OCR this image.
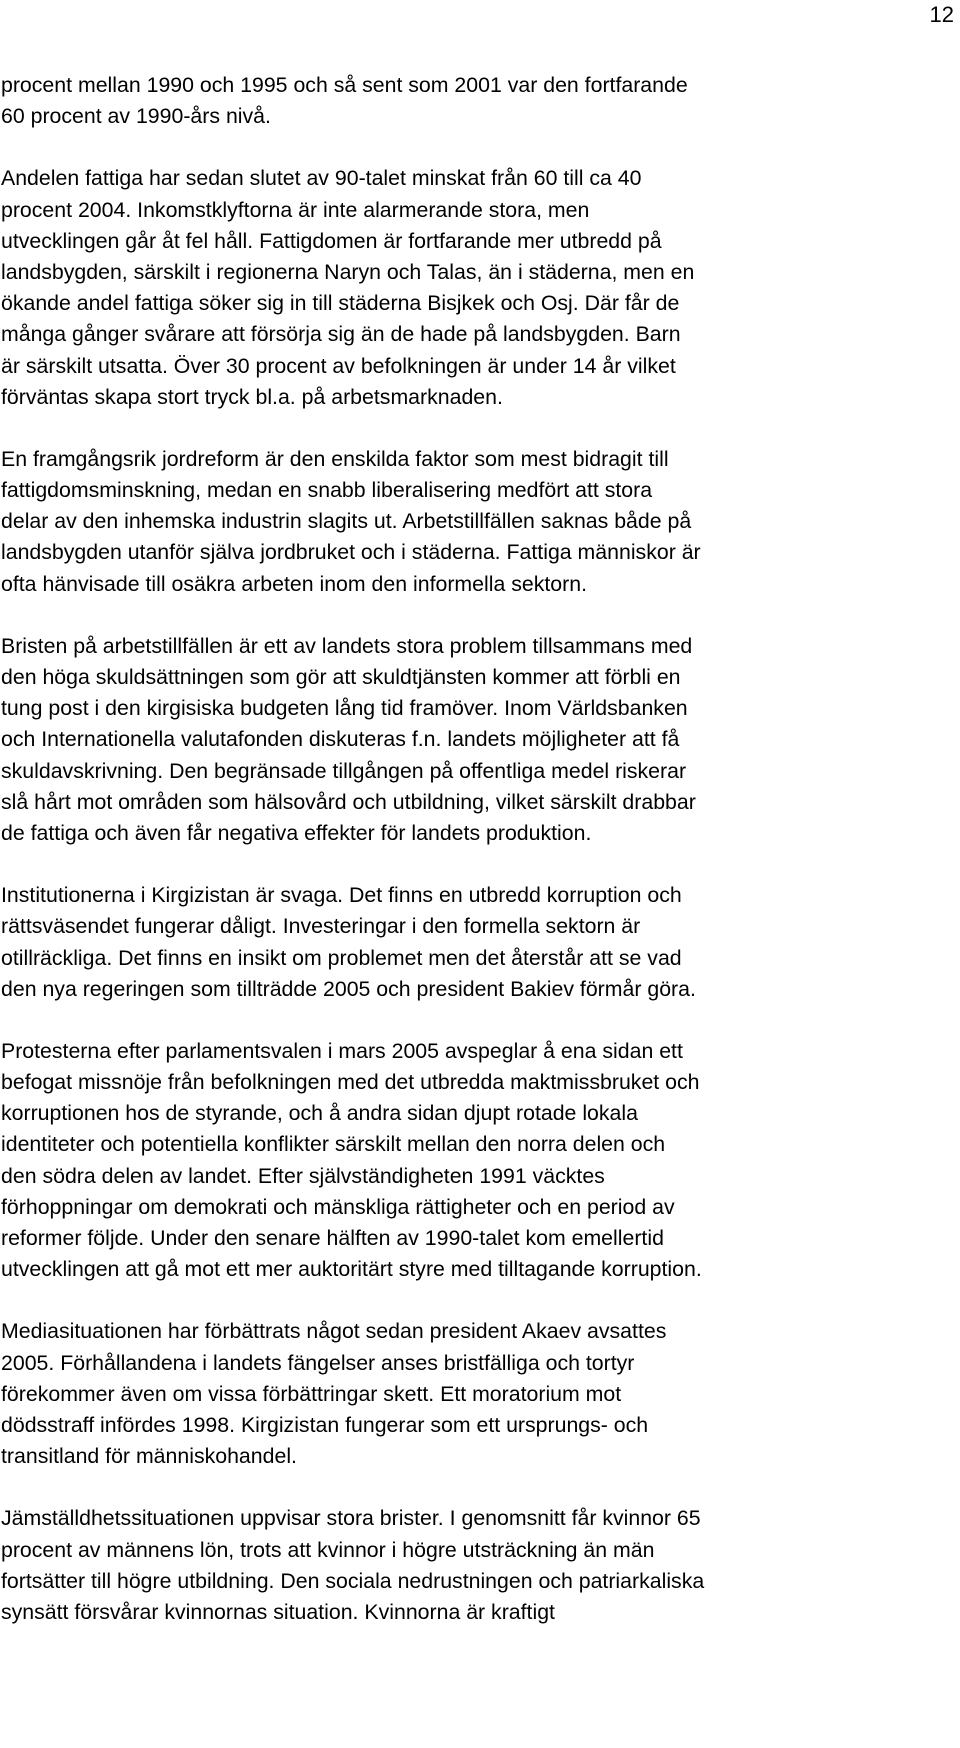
12

procent mellan 1990 och 1995 och så sent som 2001 var den fortfarande
60 procent av 1990-års nivå.

Andelen fattiga har sedan slutet av 90-talet minskat från 60 till ca 40
procent 2004. Inkomstklyftorna är inte alarmerande stora, men
utvecklingen går åt fel håll. Fattigdomen är fortfarande mer utbredd på
landsbygden, särskilt i regionerna Naryn och Talas, än i städerna, men en
ökande andel fattiga söker sig in till städerna Bisjkek och Osj. Där får de
många gånger svårare att försörja sig än de hade på landsbygden. Barn
är särskilt utsatta. Över 30 procent av befolkningen är under 14 år vilket
förväntas skapa stort tryck bl.a. på arbetsmarknaden.

En framgångsrik jordreform är den enskilda faktor som mest bidragit till
fattigdomsminskning, medan en snabb liberalisering medfört att stora
delar av den inhemska industrin slagits ut. Arbetstillfällen saknas både på
landsbygden utanför själva jordbruket och i städerna. Fattiga människor är
ofta hänvisade till osäkra arbeten inom den informella sektorn.

Bristen på arbetstillfällen är ett av landets stora problem tillsammans med
den höga skuldsättningen som gör att skuldtjänsten kommer att förbli en
tung post i den kirgisiska budgeten lång tid framöver. Inom Världsbanken
och Internationella valutafonden diskuteras f.n. landets möjligheter att få
skuldavskrivning. Den begränsade tillgången på offentliga medel riskerar
slå hårt mot områden som hälsovård och utbildning, vilket särskilt drabbar
de fattiga och även får negativa effekter för landets produktion.

Institutionerna i Kirgizistan är svaga. Det finns en utbredd korruption och
rättsväsendet fungerar dåligt. Investeringar i den formella sektorn är
otillräckliga. Det finns en insikt om problemet men det återstår att se vad
den nya regeringen som tillträdde 2005 och president Bakiev förmår göra.

Protesterna efter parlamentsvalen i mars 2005 avspeglar å ena sidan ett
befogat missnöje från befolkningen med det utbredda maktmissbruket och
korruptionen hos de styrande, och å andra sidan djupt rotade lokala
identiteter och potentiella konflikter särskilt mellan den norra delen och
den södra delen av landet. Efter självständigheten 1991 väcktes
förhoppningar om demokrati och mänskliga rättigheter och en period av
reformer följde. Under den senare hälften av 1990-talet kom emellertid
utvecklingen att gå mot ett mer auktoritärt styre med tilltagande korruption.

Mediasituationen har förbättrats något sedan president Akaev avsattes
2005. Förhållandena i landets fängelser anses bristfälliga och tortyr
förekommer även om vissa förbättringar skett. Ett moratorium mot
dödsstraff infördes 1998. Kirgizistan fungerar som ett ursprungs- och
transitland för människohandel.

Jämställdhetssituationen uppvisar stora brister. I genomsnitt får kvinnor 65
procent av männens lön, trots att kvinnor i högre utsträckning än män
fortsätter till högre utbildning. Den sociala nedrustningen och patriarkaliska
synsätt försvårar kvinnornas situation. Kvinnorna är kraftigt
